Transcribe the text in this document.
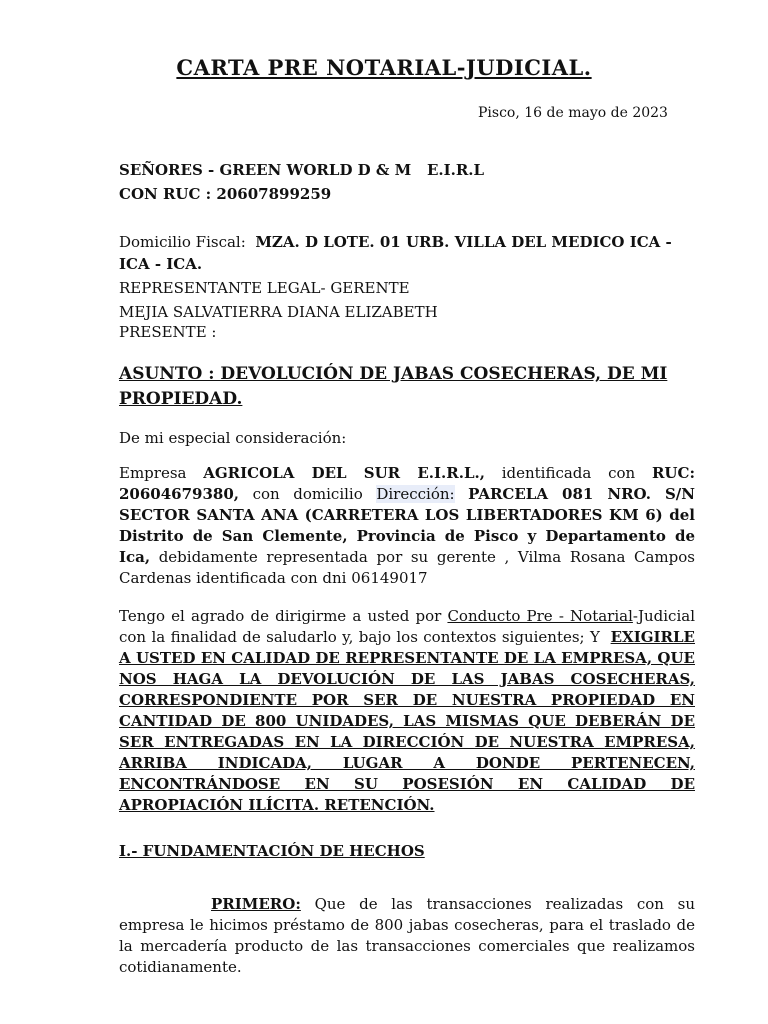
CARTA PRE NOTARIAL-JUDICIAL.
Pisco, 16 de mayo de 2023
SEÑORES - GREEN WORLD D & M   E.I.R.L
CON RUC : 20607899259
Domicilio Fiscal: MZA. D LOTE. 01 URB. VILLA DEL MEDICO ICA - ICA - ICA.
REPRESENTANTE LEGAL- GERENTE
MEJIA SALVATIERRA DIANA ELIZABETH
PRESENTE :
ASUNTO : DEVOLUCIÓN DE JABAS COSECHERAS, DE MI PROPIEDAD.
De mi especial consideración:
Empresa AGRICOLA DEL SUR E.I.R.L., identificada con RUC: 20604679380, con domicilio Dirección: PARCELA 081 NRO. S/N SECTOR SANTA ANA (CARRETERA LOS LIBERTADORES KM 6) del Distrito de San Clemente, Provincia de Pisco y Departamento de Ica, debidamente representada por su gerente , Vilma Rosana Campos Cardenas identificada con dni 06149017
Tengo el agrado de dirigirme a usted por Conducto Pre - Notarial-Judicial  con la finalidad de saludarlo y, bajo los contextos siguientes; Y  EXIGIRLE A USTED EN CALIDAD DE REPRESENTANTE DE LA EMPRESA, QUE NOS HAGA LA DEVOLUCIÓN DE LAS JABAS COSECHERAS, CORRESPONDIENTE POR SER DE NUESTRA PROPIEDAD EN CANTIDAD DE 800 UNIDADES, LAS MISMAS QUE DEBERÁN DE SER ENTREGADAS EN LA DIRECCIÓN DE NUESTRA EMPRESA, ARRIBA INDICADA, LUGAR A DONDE PERTENECEN, ENCONTRÁNDOSE EN SU POSESIÓN EN CALIDAD DE APROPIACIÓN ILÍCITA. RETENCIÓN.
I.- FUNDAMENTACIÓN DE HECHOS
PRIMERO: Que de las transacciones realizadas con su empresa le hicimos préstamo de 800 jabas cosecheras, para el traslado de la mercadería producto de las transacciones comerciales que realizamos cotidianamente.
